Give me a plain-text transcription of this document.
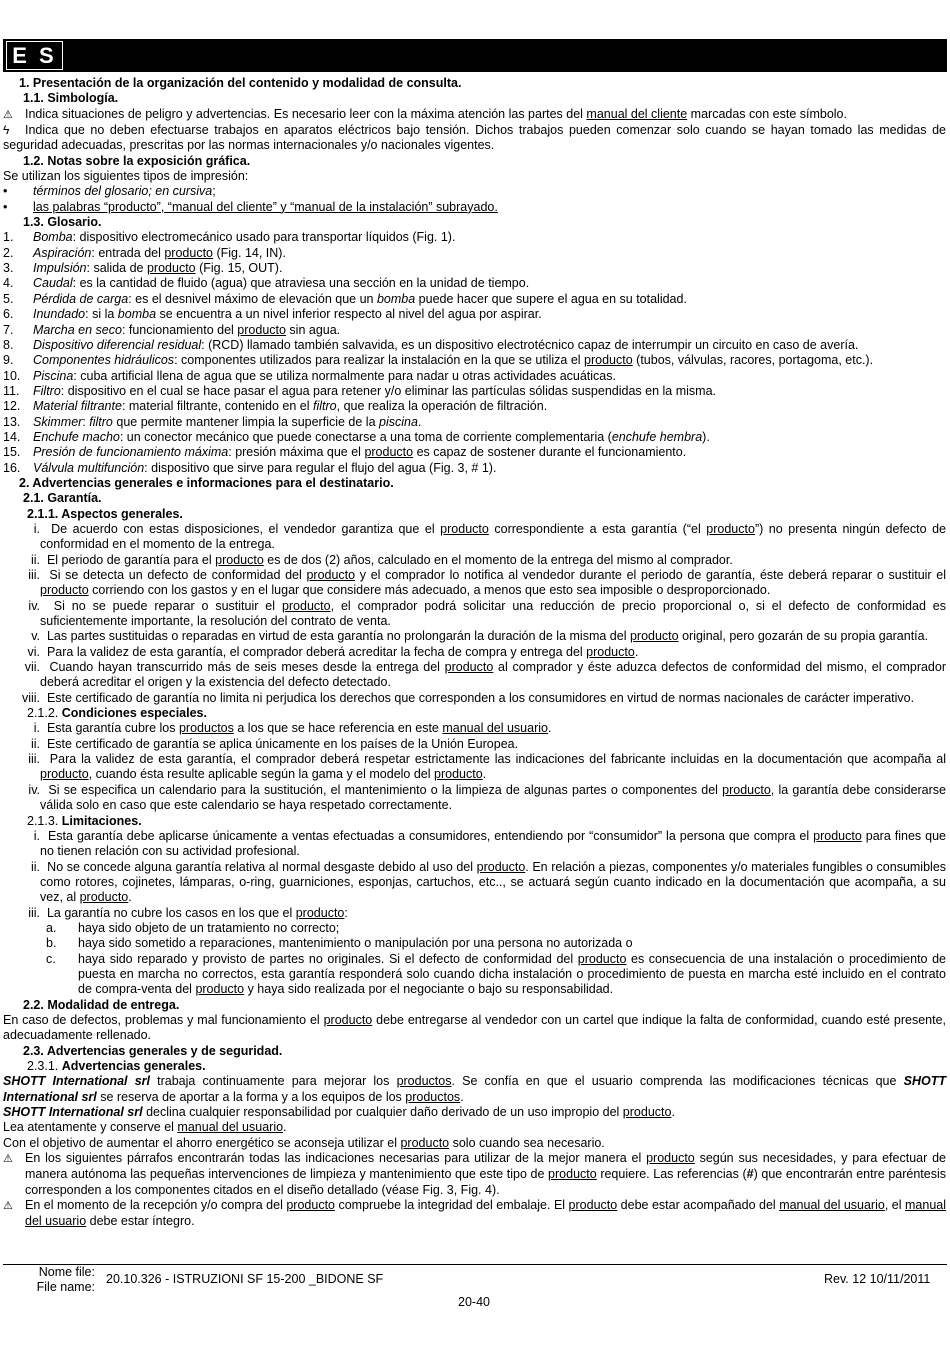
E S
1. Presentación de la organización del contenido y modalidad de consulta.
1.1. Simbología.
⚠ Indica situaciones de peligro y advertencias. Es necesario leer con la máxima atención las partes del manual del cliente marcadas con este símbolo.
ϟ Indica que no deben efectuarse trabajos en aparatos eléctricos bajo tensión. Dichos trabajos pueden comenzar solo cuando se hayan tomado las medidas de seguridad adecuadas, prescritas por las normas internacionales y/o nacionales vigentes.
1.2. Notas sobre la exposición gráfica.
Se utilizan los siguientes tipos de impresión:
• términos del glosario; en cursiva;
• las palabras “producto”, “manual del cliente” y “manual de la instalación” subrayado.
1.3. Glosario.
1. Bomba: dispositivo electromecánico usado para transportar líquidos (Fig. 1).
2. Aspiración: entrada del producto (Fig. 14, IN).
3. Impulsión: salida de producto (Fig. 15, OUT).
4. Caudal: es la cantidad de fluido (agua) que atraviesa una sección en la unidad de tiempo.
5. Pérdida de carga: es el desnivel máximo de elevación que un bomba puede hacer que supere el agua en su totalidad.
6. Inundado: si la bomba se encuentra a un nivel inferior respecto al nivel del agua por aspirar.
7. Marcha en seco: funcionamiento del producto sin agua.
8. Dispositivo diferencial residual: (RCD) llamado también salvavida, es un dispositivo electrotécnico capaz de interrumpir un circuito en caso de avería.
9. Componentes hidráulicos: componentes utilizados para realizar la instalación en la que se utiliza el producto (tubos, válvulas, racores, portagoma, etc.).
10. Piscina: cuba artificial llena de agua que se utiliza normalmente para nadar u otras actividades acuáticas.
11. Filtro: dispositivo en el cual se hace pasar el agua para retener y/o eliminar las partículas sólidas suspendidas en la misma.
12. Material filtrante: material filtrante, contenido en el filtro, que realiza la operación de filtración.
13. Skimmer: filtro que permite mantener limpia la superficie de la piscina.
14. Enchufe macho: un conector mecánico que puede conectarse a una toma de corriente complementaria (enchufe hembra).
15. Presión de funcionamiento máxima: presión máxima que el producto es capaz de sostener durante el funcionamiento.
16. Válvula multifunción: dispositivo que sirve para regular el flujo del agua (Fig. 3, # 1).
2. Advertencias generales e informaciones para el destinatario.
2.1. Garantía.
2.1.1. Aspectos generales.
i. De acuerdo con estas disposiciones, el vendedor garantiza que el producto correspondiente a esta garantía (“el producto”) no presenta ningún defecto de conformidad en el momento de la entrega.
ii. El periodo de garantía para el producto es de dos (2) años, calculado en el momento de la entrega del mismo al comprador.
iii. Si se detecta un defecto de conformidad del producto y el comprador lo notifica al vendedor durante el periodo de garantía, éste deberá reparar o sustituir el producto corriendo con los gastos y en el lugar que considere más adecuado, a menos que esto sea imposible o desproporcionado.
iv. Si no se puede reparar o sustituir el producto, el comprador podrá solicitar una reducción de precio proporcional o, si el defecto de conformidad es suficientemente importante, la resolución del contrato de venta.
v. Las partes sustituidas o reparadas en virtud de esta garantía no prolongarán la duración de la misma del producto original, pero gozarán de su propia garantía.
vi. Para la validez de esta garantía, el comprador deberá acreditar la fecha de compra y entrega del producto.
vii. Cuando hayan transcurrido más de seis meses desde la entrega del producto al comprador y éste aduzca defectos de conformidad del mismo, el comprador deberá acreditar el origen y la existencia del defecto detectado.
viii. Este certificado de garantía no limita ni perjudica los derechos que corresponden a los consumidores en virtud de normas nacionales de carácter imperativo.
2.1.2. Condiciones especiales.
i. Esta garantía cubre los productos a los que se hace referencia en este manual del usuario.
ii. Este certificado de garantía se aplica únicamente en los países de la Unión Europea.
iii. Para la validez de esta garantía, el comprador deberá respetar estrictamente las indicaciones del fabricante incluidas en la documentación que acompaña al producto, cuando ésta resulte aplicable según la gama y el modelo del producto.
iv. Si se especifica un calendario para la sustitución, el mantenimiento o la limpieza de algunas partes o componentes del producto, la garantía debe considerarse válida solo en caso que este calendario se haya respetado correctamente.
2.1.3. Limitaciones.
i. Esta garantía debe aplicarse únicamente a ventas efectuadas a consumidores, entendiendo por “consumidor” la persona que compra el producto para fines que no tienen relación con su actividad profesional.
ii. No se concede alguna garantía relativa al normal desgaste debido al uso del producto. En relación a piezas, componentes y/o materiales fungibles o consumibles como rotores, cojinetes, lámparas, o-ring, guarniciones, esponjas, cartuchos, etc.., se actuará según cuanto indicado en la documentación que acompaña, a su vez, al producto.
iii. La garantía no cubre los casos en los que el producto:
a. haya sido objeto de un tratamiento no correcto;
b. haya sido sometido a reparaciones, mantenimiento o manipulación por una persona no autorizada o
c. haya sido reparado y provisto de partes no originales. Si el defecto de conformidad del producto es consecuencia de una instalación o procedimiento de puesta en marcha no correctos, esta garantía responderá solo cuando dicha instalación o procedimiento de puesta en marcha esté incluido en el contrato de compra-venta del producto y haya sido realizada por el negociante o bajo su responsabilidad.
2.2. Modalidad de entrega.
En caso de defectos, problemas y mal funcionamiento el producto debe entregarse al vendedor con un cartel que indique la falta de conformidad, cuando esté presente, adecuadamente rellenado.
2.3. Advertencias generales y de seguridad.
2.3.1. Advertencias generales.
SHOTT International srl trabaja continuamente para mejorar los productos. Se confía en que el usuario comprenda las modificaciones técnicas que SHOTT International srl se reserva de aportar a la forma y a los equipos de los productos.
SHOTT International srl declina cualquier responsabilidad por cualquier daño derivado de un uso impropio del producto.
Lea atentamente y conserve el manual del usuario.
Con el objetivo de aumentar el ahorro energético se aconseja utilizar el producto solo cuando sea necesario.
⚠ En los siguientes párrafos encontrarán todas las indicaciones necesarias para utilizar de la mejor manera el producto según sus necesidades, y para efectuar de manera autónoma las pequeñas intervenciones de limpieza y mantenimiento que este tipo de producto requiere. Las referencias (#) que encontrarán entre paréntesis corresponden a los componentes citados en el diseño detallado (véase Fig. 3, Fig. 4).
⚠ En el momento de la recepción y/o compra del producto compruebe la integridad del embalaje. El producto debe estar acompañado del manual del usuario, el manual del usuario debe estar íntegro.
Nome file:
File name:
20.10.326 - ISTRUZIONI SF 15-200 _BIDONE SF	Rev. 12 10/11/2011
20-40
